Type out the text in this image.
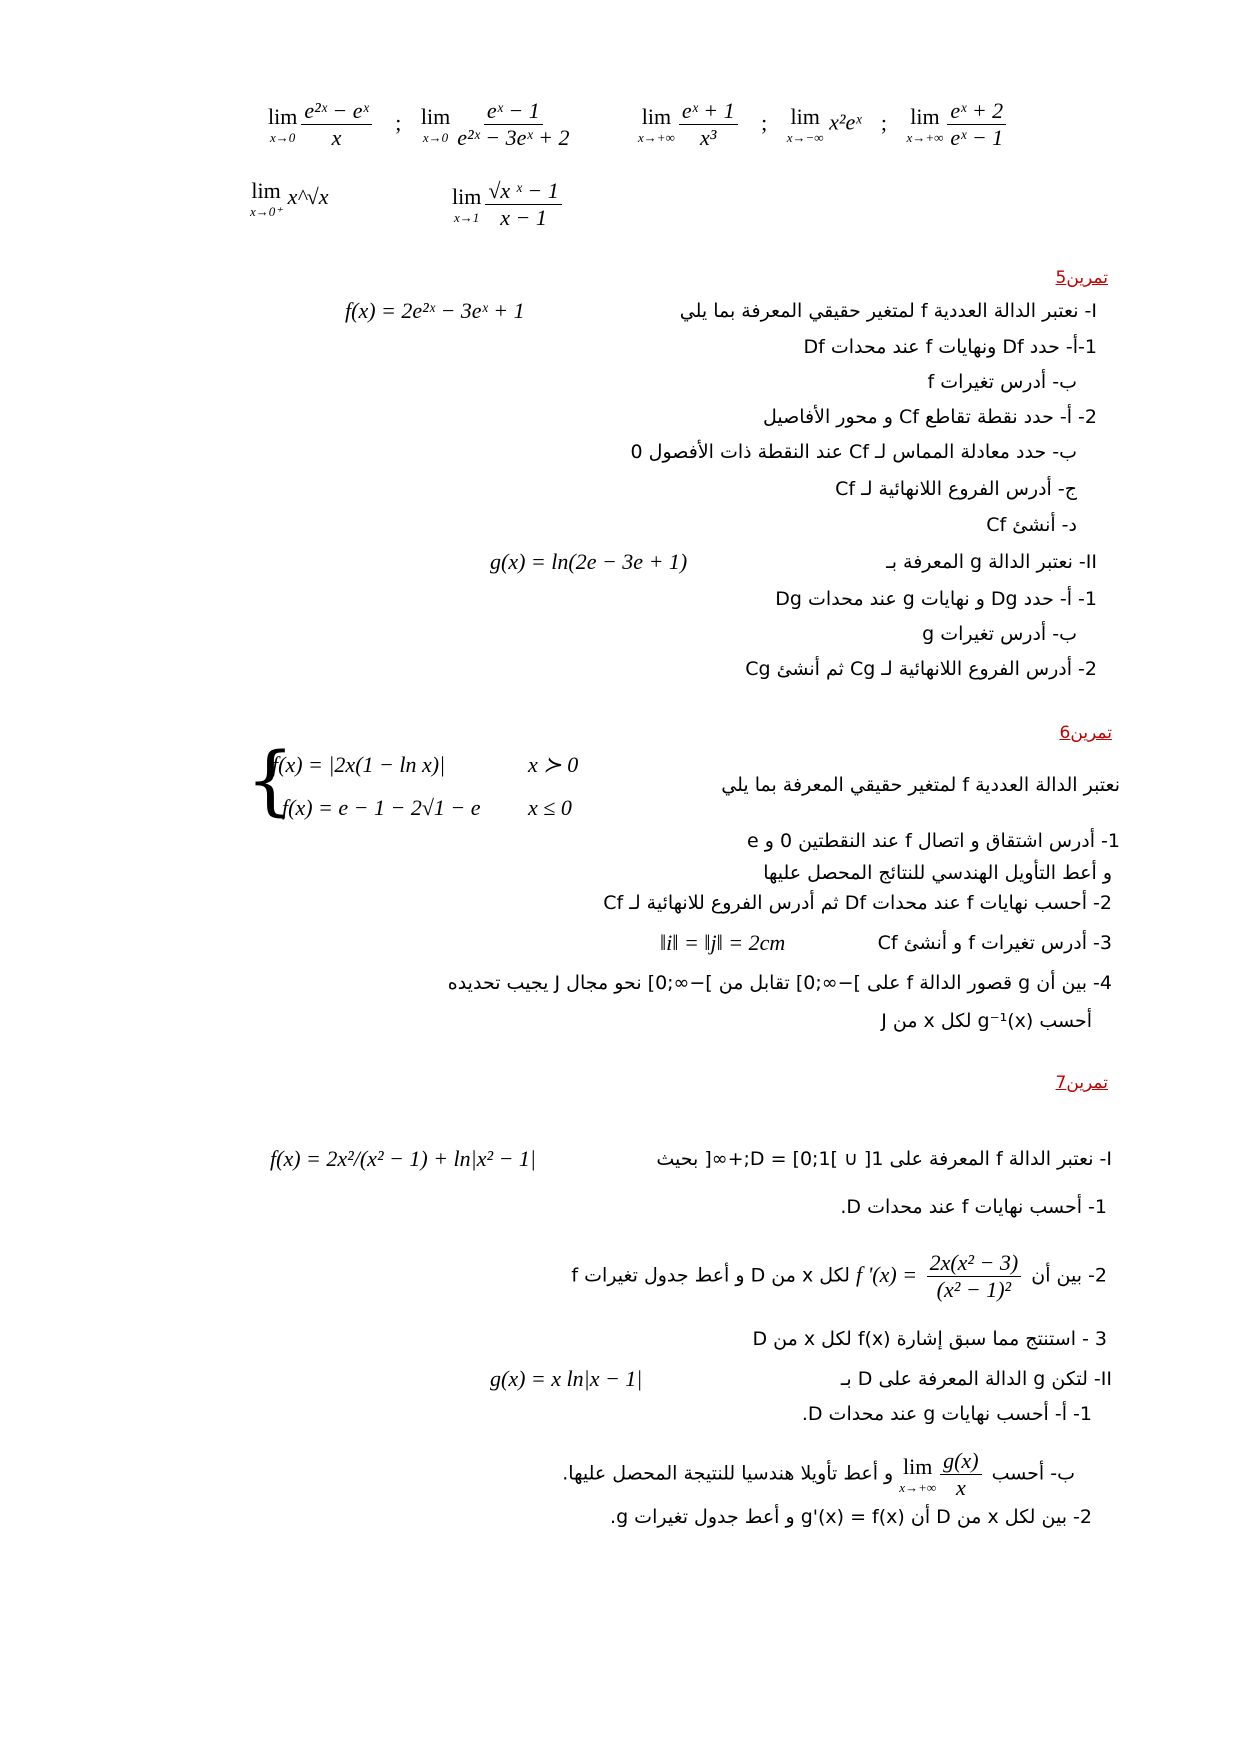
lim
$x\to 0 \frac{\text{e²ˣ − eˣ}}{x}$ ; lim
$x\to 0 \frac{\text{eˣ − 1}}{\text{e²ˣ − 3eˣ + 2}}$	lim
$x\to+\infty \frac{\text{eˣ + 1}}{\text{x³}}$ ; lim
x→−∞
x²eˣ ; lim
$x\to+\infty \frac{\text{eˣ + 2}}{\text{eˣ − 1}}$
lim
x→0⁺
x^√x	lim
$x\to 1 \frac{\text{√x ˣ − 1}}{x - 1}$
تمرين5
I- نعتبر الدالة العددية f لمتغير حقيقي المعرفة بما يلي
f(x) = 2e²ˣ − 3eˣ + 1
1-أ- حدد Df ونهايات f عند محدات Df
ب- أدرس تغيرات f
2- أ- حدد نقطة تقاطع Cf و محور الأفاصيل
ب- حدد معادلة المماس لـ Cf عند النقطة ذات الأفصول 0
ج- أدرس الفروع اللانهائية لـ Cf
د- أنشئ Cf
II- نعتبر الدالة g المعرفة بـ
g(x) = ln(2e − 3e + 1)
1- أ- حدد Dg و نهايات g عند محدات Dg
ب- أدرس تغيرات g
2- أدرس الفروع اللانهائية لـ Cg ثم أنشئ Cg
تمرين6
{
f(x) = |2x(1 − ln x)|	x ≻ 0
f(x) = e − 1 − 2√1 − e x ≤ 0
نعتبر الدالة العددية f لمتغير حقيقي المعرفة بما يلي
1- أدرس اشتقاق و اتصال f عند النقطتين 0 و e
و أعط التأويل الهندسي للنتائج المحصل عليها
2- أحسب نهايات f عند محدات Df ثم أدرس الفروع للانهائية لـ Cf
3- أدرس تغيرات f و أنشئ Cf
‖i‖ = ‖j‖ = 2cm
4- بين أن g قصور الدالة f على ]−∞;0] تقابل من ]−∞;0] نحو مجال J يجيب تحديده
أحسب g⁻¹(x) لكل x من J
تمرين7
I- نعتبر الدالة f المعرفة على D = [0;1[ ∪ ]1;+∞[ بحيث
f(x) = 2x²/(x² − 1) + ln|x² − 1|
1- أحسب نهايات f عند محدات D.
2- بين أن f '$(x) = \frac{\text{2x(x² − 3)}}{\text{(x² − 1)²}}$
لكل x من D و أعط جدول تغيرات f
3 - استنتج مما سبق إشارة f(x) لكل x من D
II- لتكن g الدالة المعرفة على D بـ
g(x) = x ln|x − 1|
1- أ- أحسب نهايات g عند محدات D.
ب- أحسب
lim
$x\to+\infty \frac{g(x)}{x}$
و أعط تأويلا هندسيا للنتيجة المحصل عليها.
2- بين لكل x من D أن g'(x) = f(x) و أعط جدول تغيرات g.
